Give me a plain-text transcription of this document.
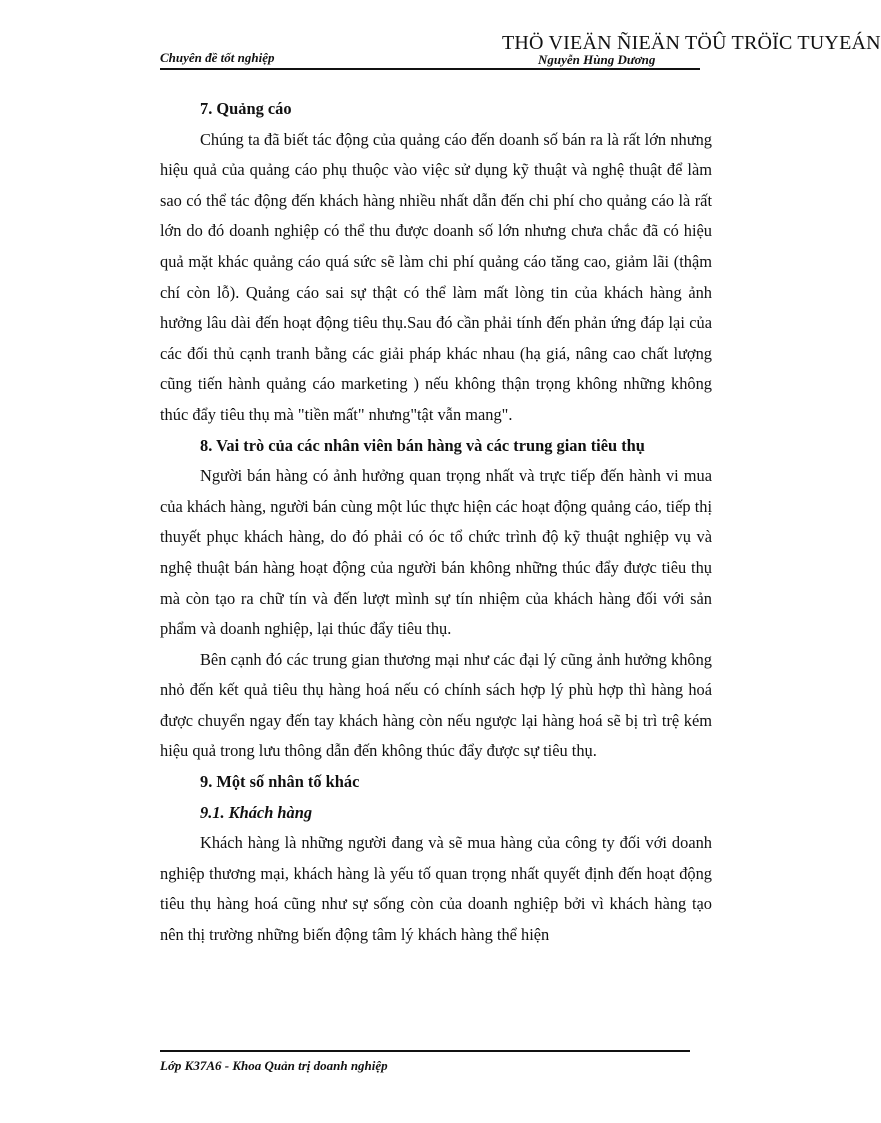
THÖ VIEÄN ÑIEÄN TÖÛ TRÖÏC TUYEÁN
Chuyên đề tốt nghiệp	Nguyễn Hùng Dương
7. Quảng cáo

Chúng ta đã biết tác động của quảng cáo đến doanh số bán ra là rất lớn nhưng hiệu quả của quảng cáo phụ thuộc vào việc sử dụng kỹ thuật và nghệ thuật để làm sao có thể tác động đến khách hàng nhiều nhất dẫn đến chi phí cho quảng cáo là rất lớn do đó doanh nghiệp có thể thu được doanh số lớn nhưng chưa chắc đã có hiệu quả mặt khác quảng cáo quá sức sẽ làm chi phí quảng cáo tăng cao, giảm lãi (thậm chí còn lỗ). Quảng cáo sai sự thật có thể làm mất lòng tin của khách hàng ảnh hưởng lâu dài đến hoạt động tiêu thụ.Sau đó cần phải tính đến phản ứng đáp lại của các đối thủ cạnh tranh bằng các giải pháp khác nhau (hạ giá, nâng cao chất lượng cũng tiến hành quảng cáo marketing ) nếu không thận trọng không những không thúc đẩy tiêu thụ mà "tiền mất" nhưng"tật vẫn mang".

8. Vai trò của các nhân viên bán hàng và các trung gian tiêu thụ

Người bán hàng có ảnh hưởng quan trọng nhất và trực tiếp đến hành vi mua của khách hàng, người bán cùng một lúc thực hiện các hoạt động quảng cáo, tiếp thị thuyết phục khách hàng, do đó phải có óc tổ chức trình độ kỹ thuật nghiệp vụ và nghệ thuật bán hàng hoạt động của người bán không những thúc đẩy được tiêu thụ mà còn tạo ra chữ tín và đến lượt mình sự tín nhiệm của khách hàng đối với sản phẩm và doanh nghiệp, lại thúc đẩy tiêu thụ.

Bên cạnh đó các trung gian thương mại như các đại lý cũng ảnh hưởng không nhỏ đến kết quả tiêu thụ hàng hoá nếu có chính sách hợp lý phù hợp thì hàng hoá được chuyển ngay đến tay khách hàng còn nếu ngược lại hàng hoá sẽ bị trì trệ kém hiệu quả trong lưu thông dẫn đến không thúc đẩy được sự tiêu thụ.

9. Một số nhân tố khác
9.1. Khách hàng

Khách hàng là những người đang và sẽ mua hàng của công ty đối với doanh nghiệp thương mại, khách hàng là yếu tố quan trọng nhất quyết định đến hoạt động tiêu thụ hàng hoá cũng như sự sống còn của doanh nghiệp bởi vì khách hàng tạo nên thị trường những biến động tâm lý khách hàng thể hiện

Lớp K37A6 - Khoa Quản trị doanh nghiệp
